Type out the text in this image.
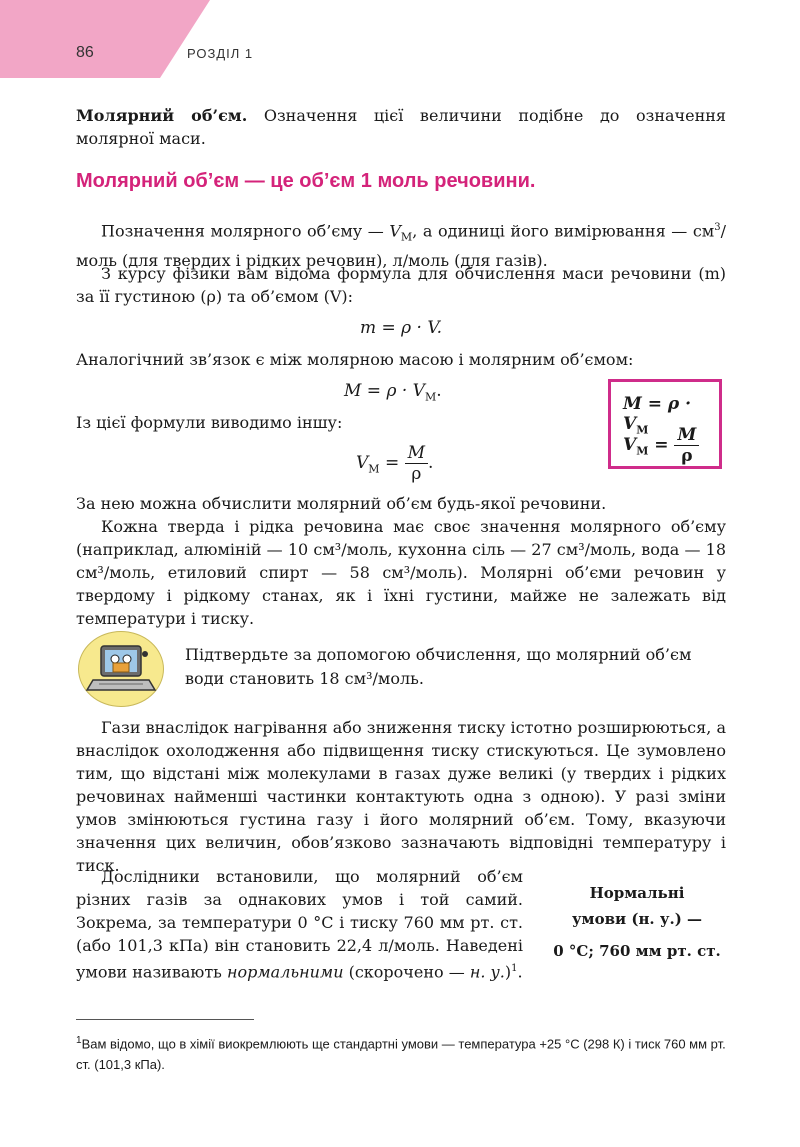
86	РОЗДІЛ 1
Молярний об’єм. Означення цієї величини подібне до означення молярної маси.
Молярний об’єм — це об’єм 1 моль речовини.
Позначення молярного об’єму — $V_M$, а одиниці його вимірювання — $см^3$/моль (для твердих і рідких речовин), л/моль (для газів).
З курсу фізики вам відома формула для обчислення маси речовини (m) за її густиною (ρ) та об’ємом (V):
m = ρ · V.
Аналогічний зв’язок є між молярною масою і молярним об’ємом:
$M = \rho \cdot V_M$.
Із цієї формули виводимо іншу:
$V_M = \frac{M}{\rho}$ .
$M = \rho \cdot V_M$
$V_M = \frac{M}{\rho}$
За нею можна обчислити молярний об’єм будь-якої речовини.
Кожна тверда і рідка речовина має своє значення молярного об’єму (наприклад, алюміній — 10 см³/моль, кухонна сіль — 27 см³/моль, вода — 18 см³/моль, етиловий спирт — 58 см³/моль). Молярні об’єми речовин у твердому і рідкому станах, як і їхні густини, майже не залежать від температури і тиску.
Підтвердьте за допомогою обчислення, що молярний об’єм води становить 18 см³/моль.
Гази внаслідок нагрівання або зниження тиску істотно розширюються, а внаслідок охолодження або підвищення тиску стискуються. Це зумовлено тим, що відстані між молекулами в газах дуже великі (у твердих і рідких речовинах найменші частинки контактують одна з одною). У разі зміни умов змінюються густина газу і його молярний об’єм. Тому, вказуючи значення цих величин, обов’язково зазначають відповідні температуру і тиск.
Дослідники встановили, що молярний об’єм різних газів за однакових умов і той самий. Зокрема, за температури 0 °С і тиску 760 мм рт. ст. (або 101,3 кПа) він становить 22,4 л/моль. Наведені умови називають нормальними (скорочено — н. у.)$^1$.
Нормальні
умови (н. у.) —
0 °С; 760 мм рт. ст.
$^1$Вам відомо, що в хімії виокремлюють ще стандартні умови — температура +25 °С (298 К) і тиск 760 мм рт. ст. (101,3 кПа).
